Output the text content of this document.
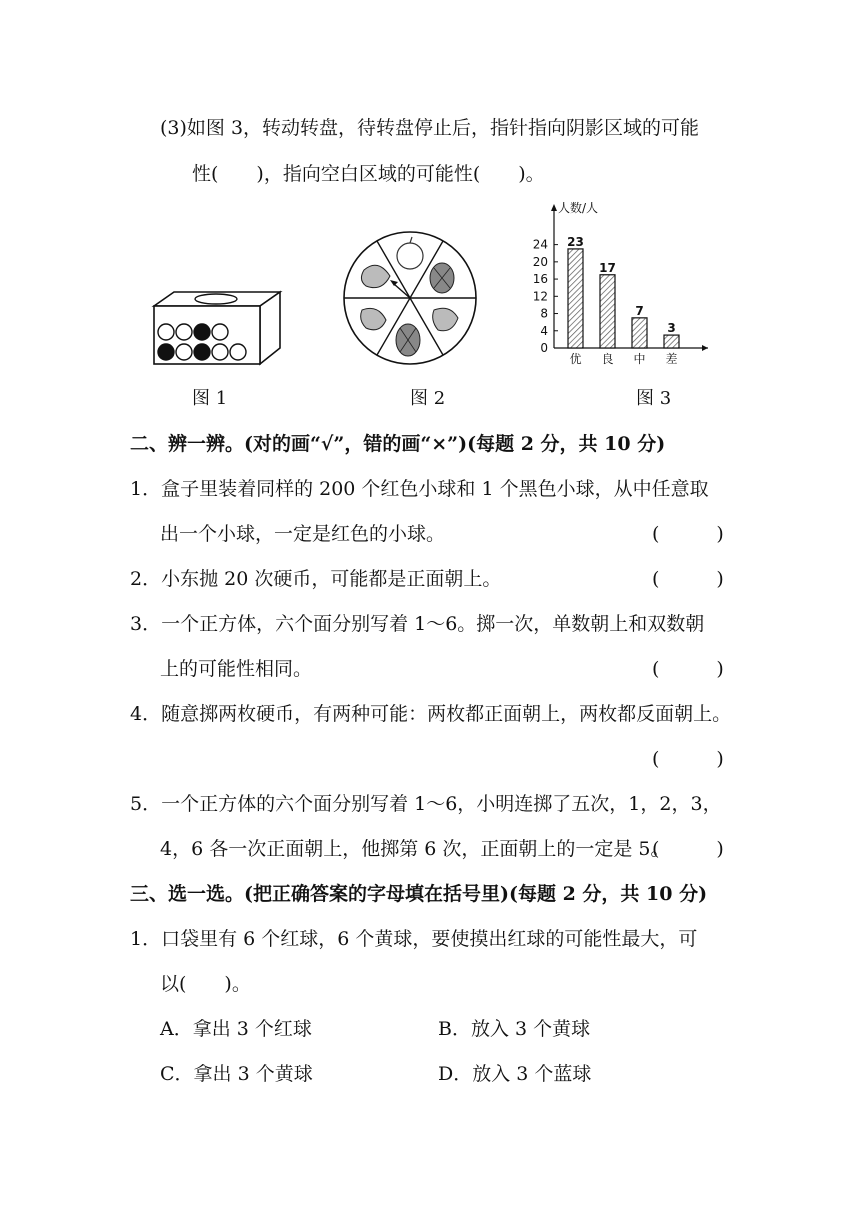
(3)如图 3，转动转盘，待转盘停止后，指针指向阴影区域的可能
性(　　)，指向空白区域的可能性(　　)。
人数/人
0
4
8
12
16
20
24 23
优
17
良
7
中
3
差
图 1	图 2	图 3
二、辨一辨。(对的画“√”，错的画“×”)(每题 2 分，共 10 分)
1．盒子里装着同样的 200 个红色小球和 1 个黑色小球，从中任意取
出一个小球，一定是红色的小球。	(　　　)
2．小东抛 20 次硬币，可能都是正面朝上。	(　　　)
3．一个正方体，六个面分别写着 1～6。掷一次，单数朝上和双数朝
上的可能性相同。	(　　　)
4．随意掷两枚硬币，有两种可能：两枚都正面朝上，两枚都反面朝上。
(　　　)
5．一个正方体的六个面分别写着 1～6，小明连掷了五次，1，2，3，
4，6 各一次正面朝上，他掷第 6 次，正面朝上的一定是 5。
(　　　)
三、选一选。(把正确答案的字母填在括号里)(每题 2 分，共 10 分)
1．口袋里有 6 个红球，6 个黄球，要使摸出红球的可能性最大，可
以(　　)。
A．拿出 3 个红球	B．放入 3 个黄球
C．拿出 3 个黄球	D．放入 3 个蓝球
